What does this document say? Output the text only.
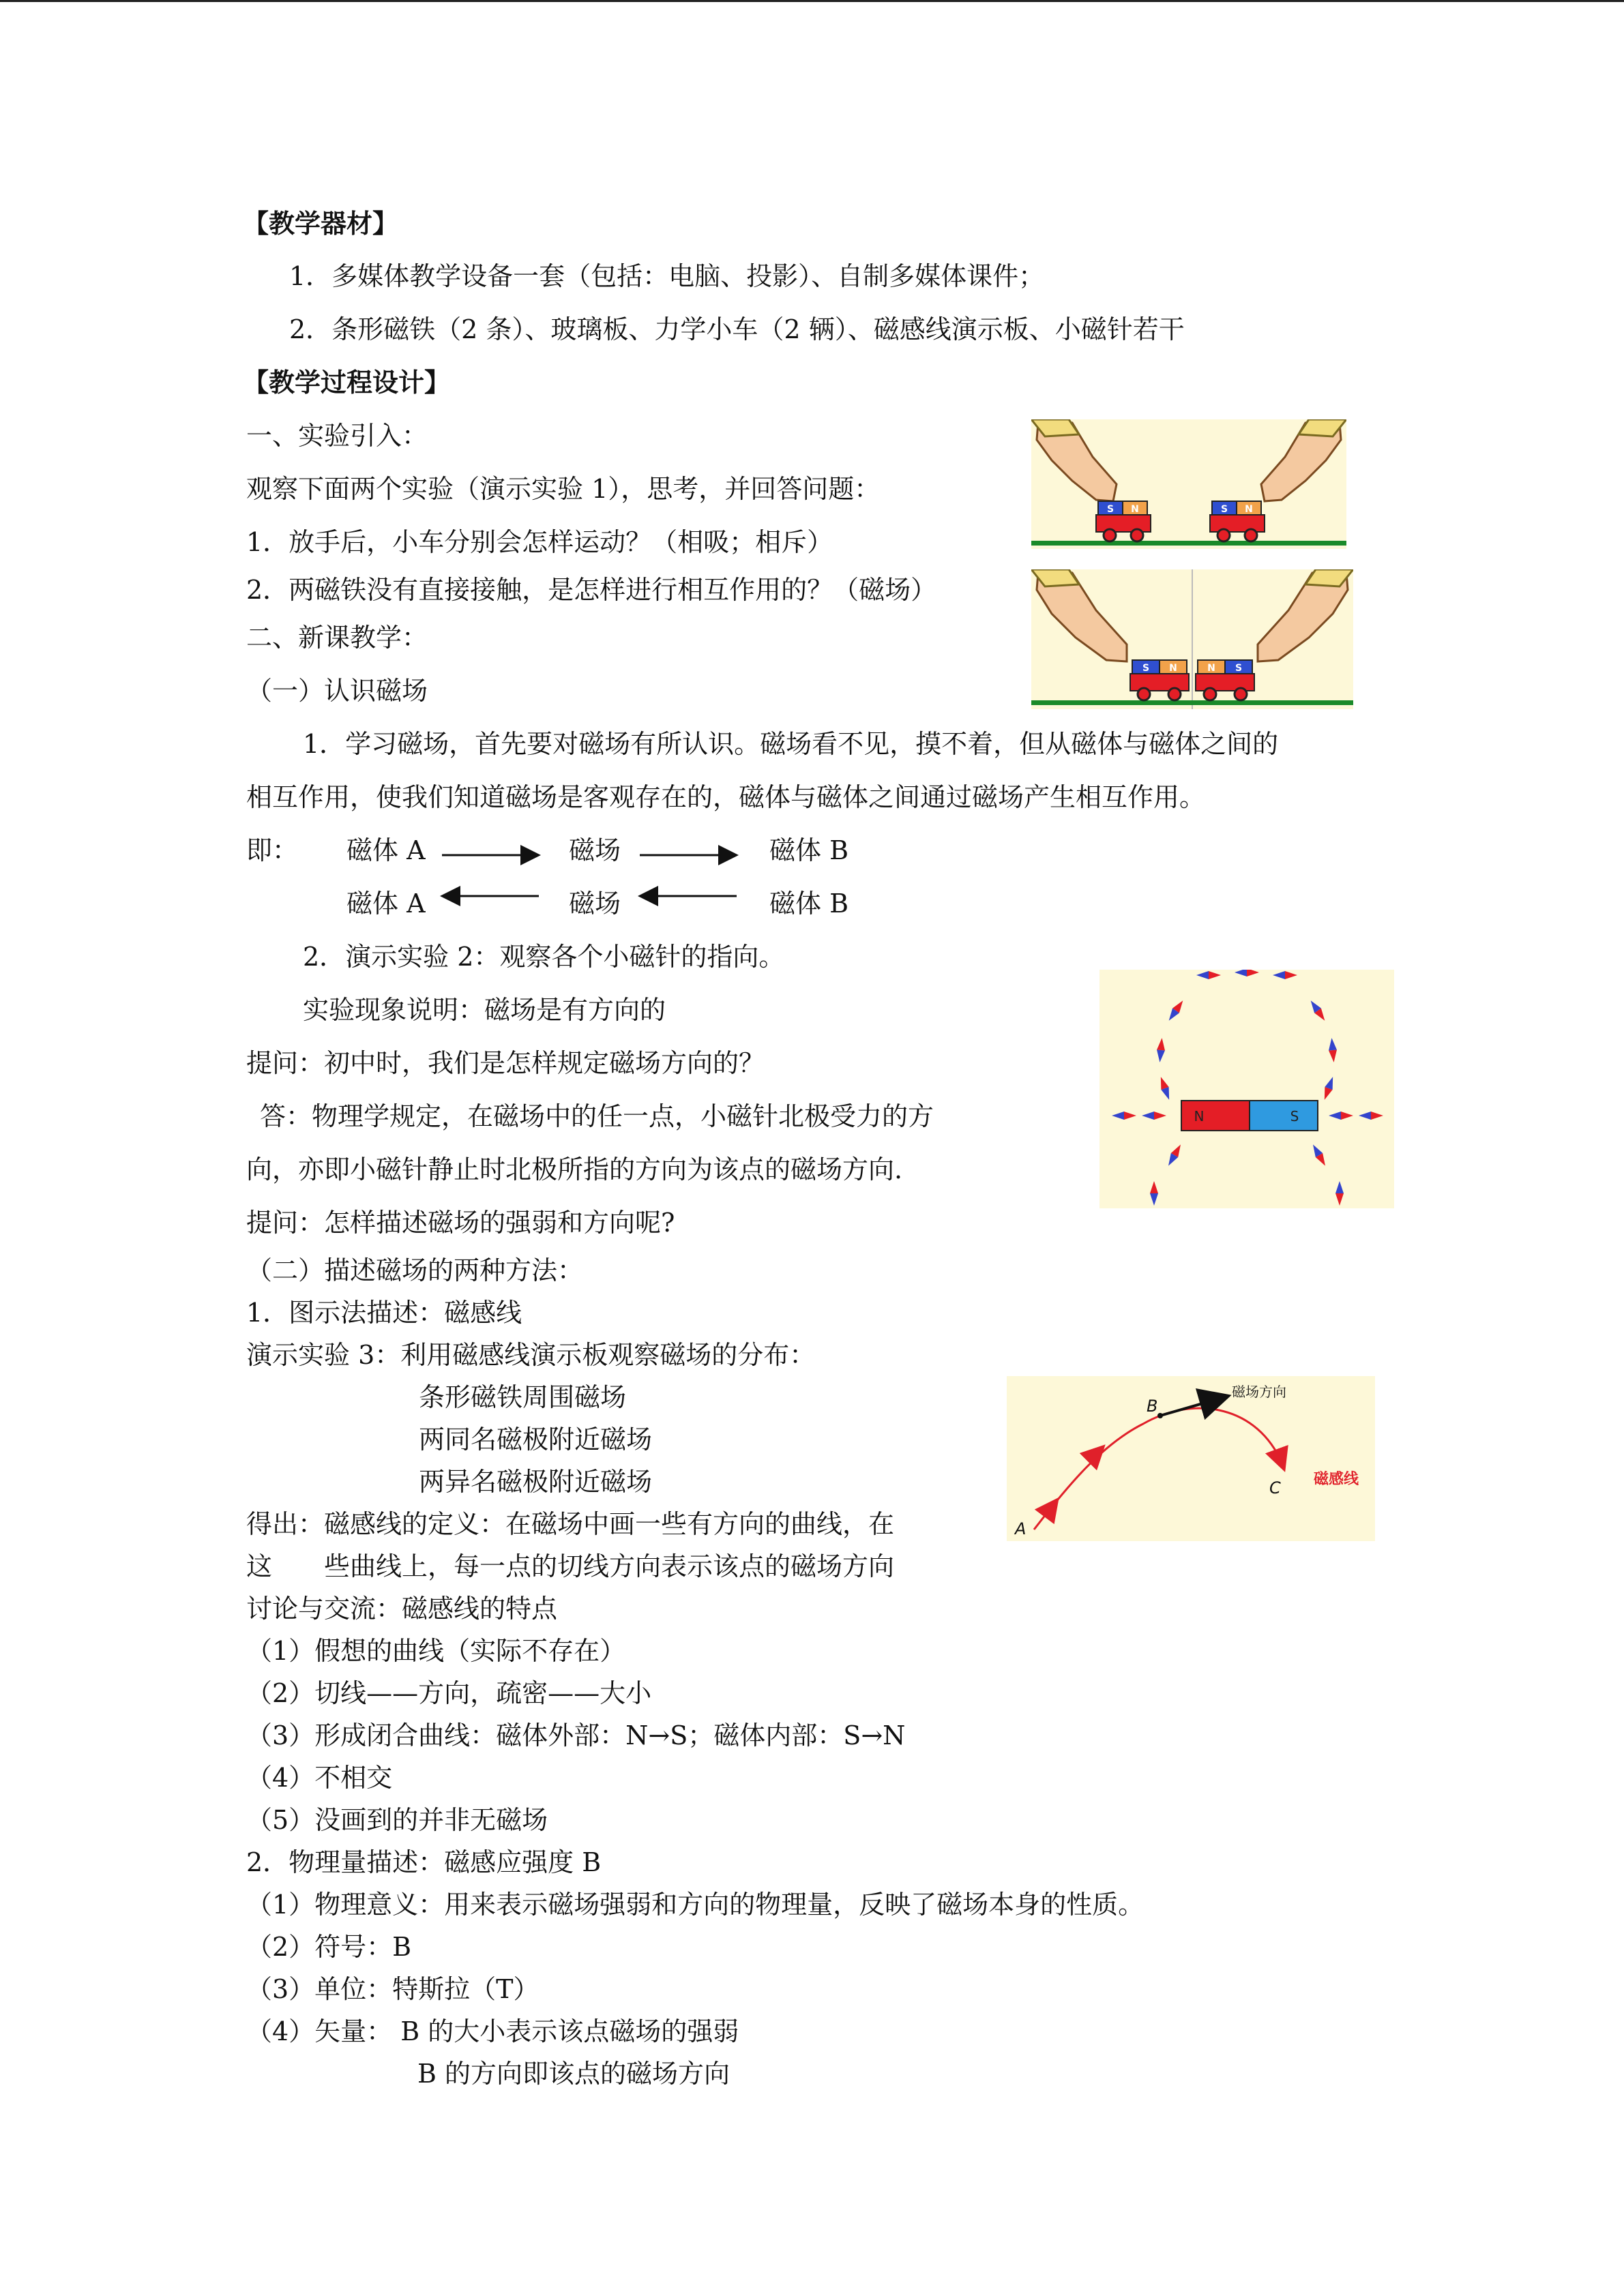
【教学器材】
1．多媒体教学设备一套（包括：电脑、投影）、自制多媒体课件；
2．条形磁铁（2 条）、玻璃板、力学小车（2 辆）、磁感线演示板、小磁针若干
【教学过程设计】
一、实验引入：
观察下面两个实验（演示实验 1），思考，并回答问题：
1．放手后，小车分别会怎样运动？（相吸；相斥）
2．两磁铁没有直接接触，是怎样进行相互作用的？（磁场）
二、新课教学：
（一）认识磁场
1．学习磁场，首先要对磁场有所认识。磁场看不见，摸不着，但从磁体与磁体之间的
相互作用，使我们知道磁场是客观存在的，磁体与磁体之间通过磁场产生相互作用。
即： 磁体 A	磁场	磁体 B
磁体 A	磁场	磁体 B
2．演示实验 2：观察各个小磁针的指向。
实验现象说明：磁场是有方向的
提问：初中时，我们是怎样规定磁场方向的？
答：物理学规定，在磁场中的任一点，小磁针北极受力的方
向，亦即小磁针静止时北极所指的方向为该点的磁场方向.
提问：怎样描述磁场的强弱和方向呢?
（二）描述磁场的两种方法：
1．图示法描述：磁感线
演示实验 3：利用磁感线演示板观察磁场的分布：
条形磁铁周围磁场
两同名磁极附近磁场
两异名磁极附近磁场
得出：磁感线的定义：在磁场中画一些有方向的曲线，在
这　　些曲线上，每一点的切线方向表示该点的磁场方向
讨论与交流：磁感线的特点
（1）假想的曲线（实际不存在）
（2）切线——方向，疏密——大小
（3）形成闭合曲线：磁体外部：N→S；磁体内部：S→N
（4）不相交
（5）没画到的并非无磁场
2．物理量描述：磁感应强度 B
（1）物理意义：用来表示磁场强弱和方向的物理量，反映了磁场本身的性质。
（2）符号：B
（3）单位：特斯拉（T）
（4）矢量： B 的大小表示该点磁场的强弱
B 的方向即该点的磁场方向
S N	S N
S N	N S
N	S
B
A
C
磁场方向
磁感线
